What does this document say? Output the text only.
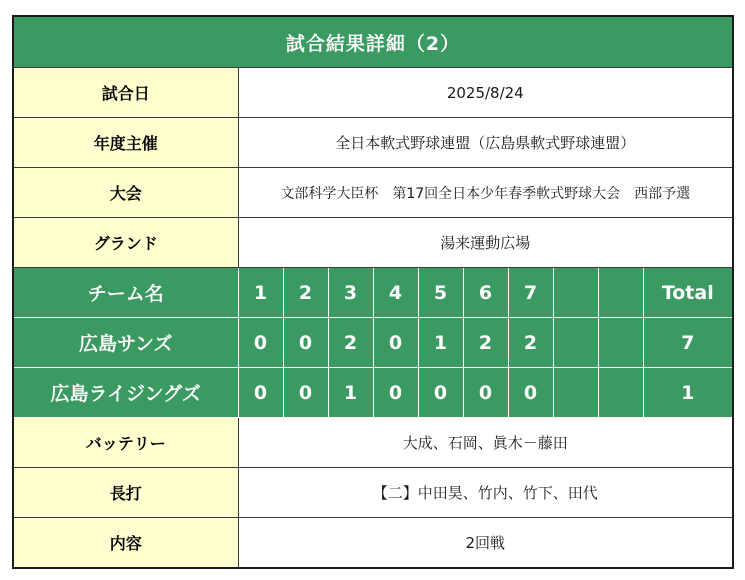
試合結果詳細（2）										
試合日	2025/8/24									
年度主催	全日本軟式野球連盟（広島県軟式野球連盟）									
大会	文部科学大臣杯　第17回全日本少年春季軟式野球大会　西部予選									
グランド	湯来運動広場									
チーム名	1	2	3	4	5	6	7			Total
広島サンズ	0	0	2	0	1	2	2			7
広島ライジングズ	0	0	1	0	0	0	0			1
バッテリー	大成、石岡、眞木－藤田									
長打	【二】中田昊、竹内、竹下、田代									
内容	2回戦									
